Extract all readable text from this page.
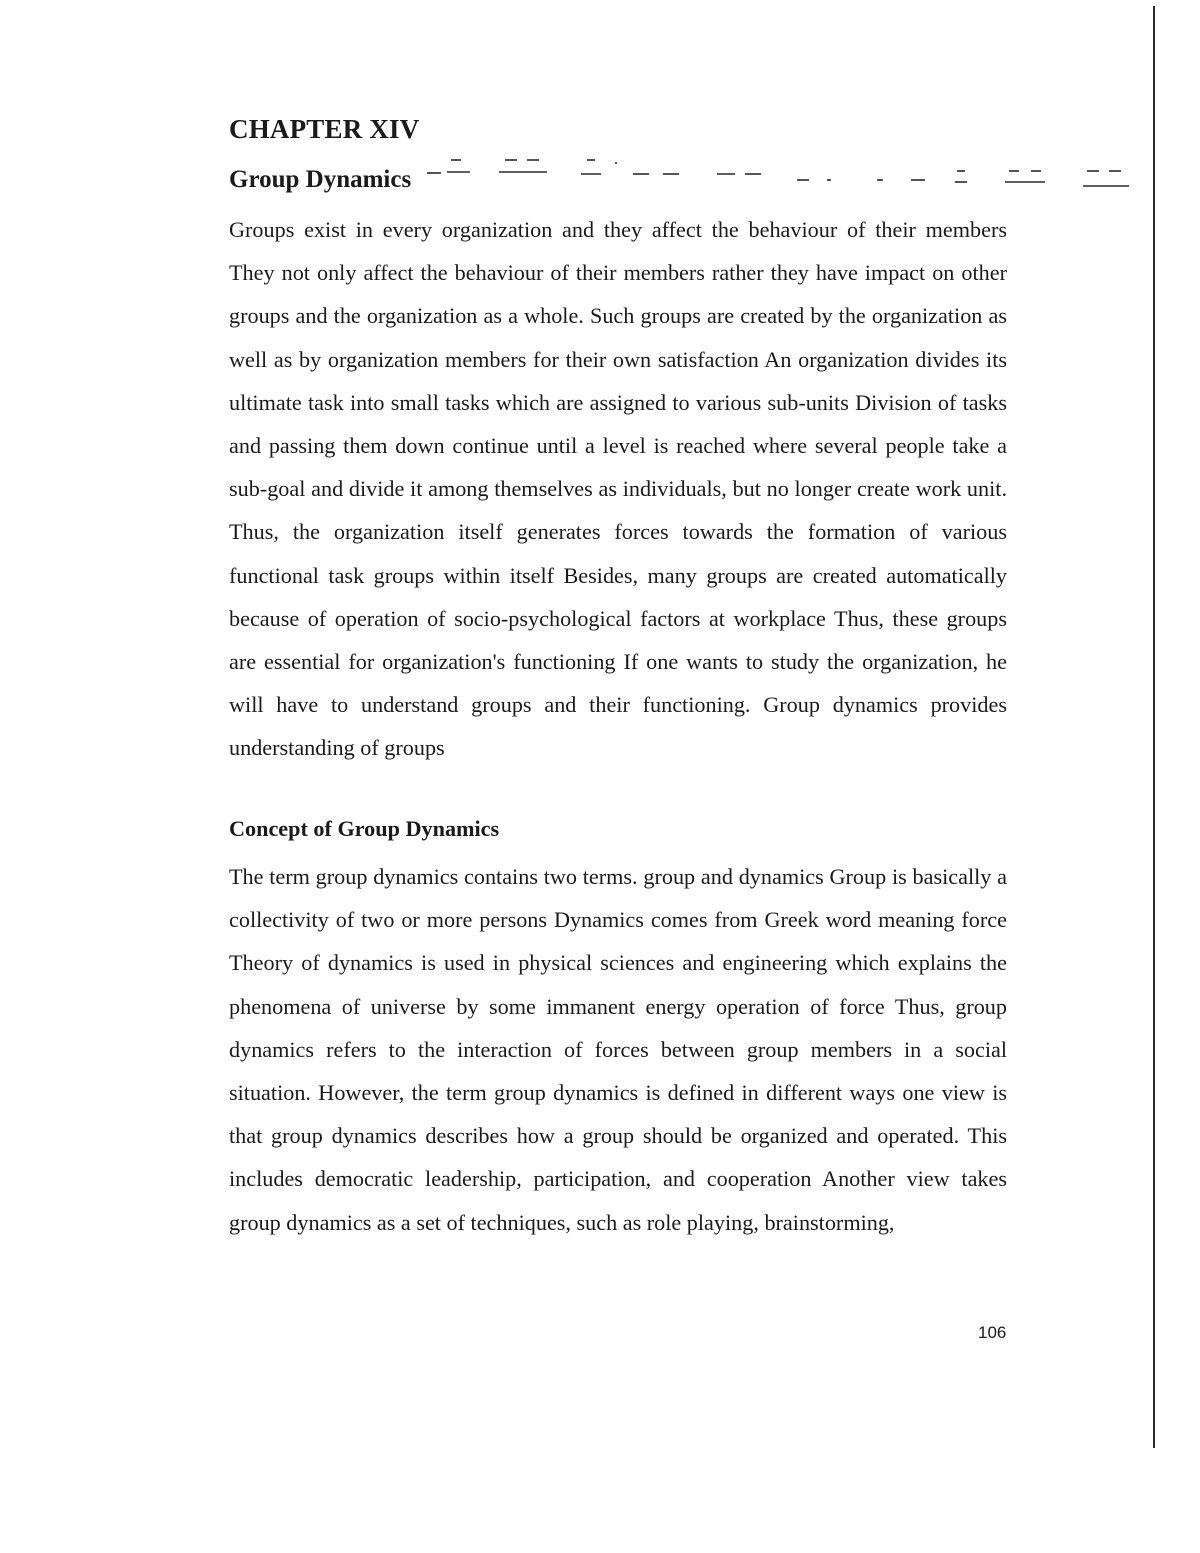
CHAPTER XIV
Group Dynamics

Groups exist in every organization and they affect the behaviour of their members They not only affect the behaviour of their members rather they have impact on other groups and the organization as a whole. Such groups are created by the organization as well as by organization members for their own satisfaction An organization divides its ultimate task into small tasks which are assigned to various sub-units Division of tasks and passing them down continue until a level is reached where several people take a sub-goal and divide it among themselves as individuals, but no longer create work unit. Thus, the organization itself generates forces towards the formation of various functional task groups within itself Besides, many groups are created automatically because of operation of socio-psychological factors at workplace Thus, these groups are essential for organization's functioning If one wants to study the organization, he will have to understand groups and their functioning. Group dynamics provides understanding of groups

Concept of Group Dynamics

The term group dynamics contains two terms. group and dynamics Group is basically a collectivity of two or more persons Dynamics comes from Greek word meaning force Theory of dynamics is used in physical sciences and engineering which explains the phenomena of universe by some immanent energy operation of force Thus, group dynamics refers to the interaction of forces between group members in a social situation. However, the term group dynamics is defined in different ways one view is that group dynamics describes how a group should be organized and operated. This includes democratic leadership, participation, and cooperation Another view takes group dynamics as a set of techniques, such as role playing, brainstorming,

106
